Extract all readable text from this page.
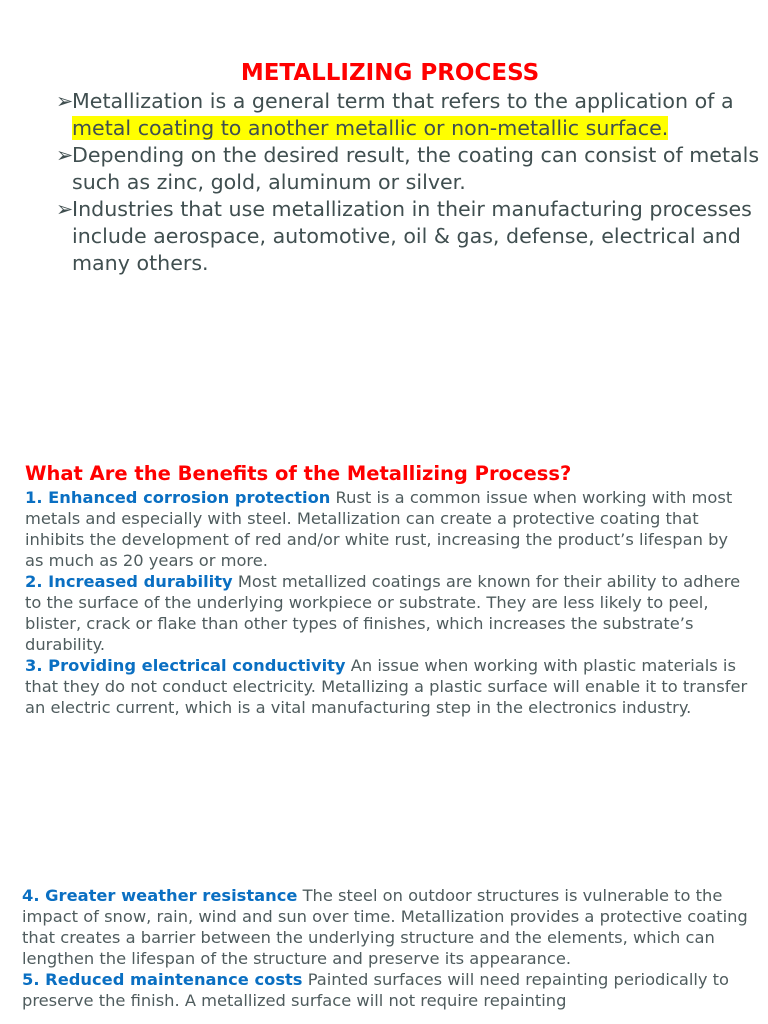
METALLIZING PROCESS
➢
Metallization is a general term that refers to the application of a metal coating to another metallic or non-metallic surface.
➢
Depending on the desired result, the coating can consist of metals such as zinc, gold, aluminum or silver.
➢
Industries that use metallization in their manufacturing processes include aerospace, automotive, oil & gas, defense, electrical and many others.
What Are the Benefits of the Metallizing Process?

1. Enhanced corrosion protection Rust is a common issue when working with most metals and especially with steel. Metallization can create a protective coating that inhibits the development of red and/or white rust, increasing the product’s lifespan by as much as 20 years or more.

2. Increased durability Most metallized coatings are known for their ability to adhere to the surface of the underlying workpiece or substrate. They are less likely to peel, blister, crack or flake than other types of finishes, which increases the substrate’s durability.

3. Providing electrical conductivity An issue when working with plastic materials is that they do not conduct electricity. Metallizing a plastic surface will enable it to transfer an electric current, which is a vital manufacturing step in the electronics industry.

4. Greater weather resistance The steel on outdoor structures is vulnerable to the impact of snow, rain, wind and sun over time. Metallization provides a protective coating that creates a barrier between the underlying structure and the elements, which can lengthen the lifespan of the structure and preserve its appearance.

5. Reduced maintenance costs Painted surfaces will need repainting periodically to preserve the finish. A metallized surface will not require repainting
